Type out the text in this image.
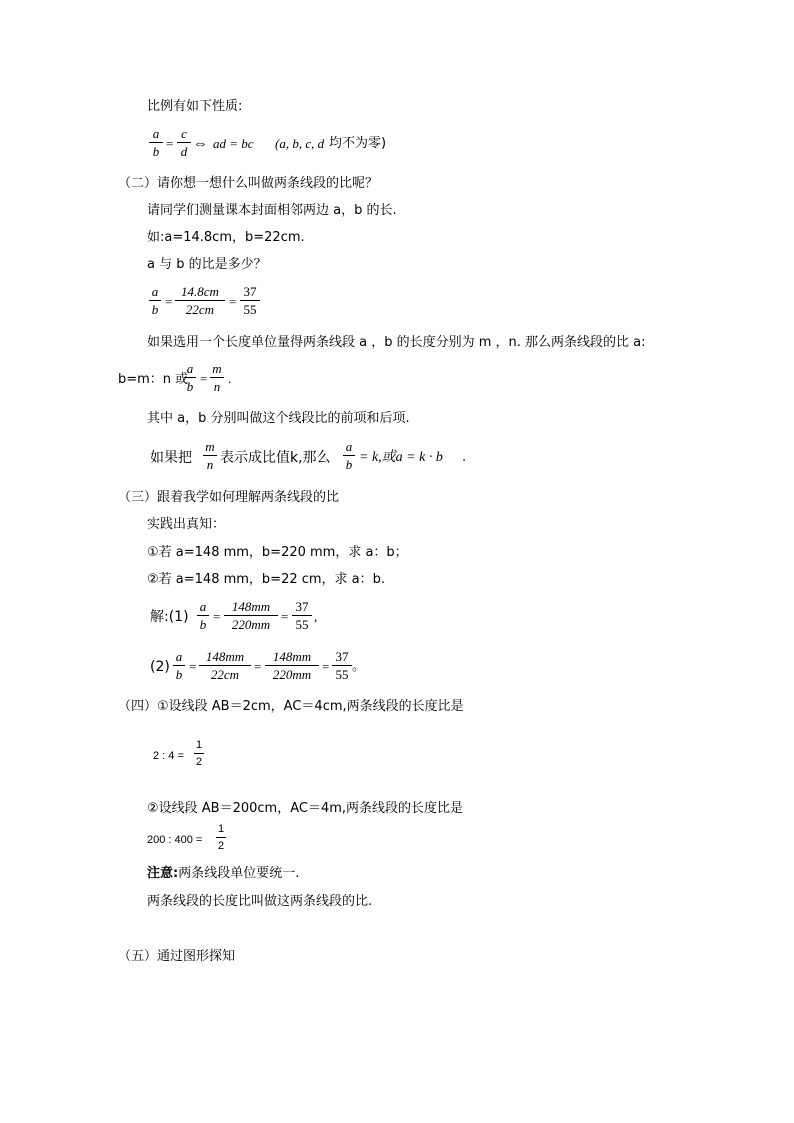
比例有如下性质:
a
b
=
c
d ⇔ ad = bc (a, b, c, d 均不为零)
（二）请你想一想什么叫做两条线段的比呢？
请同学们测量课本封面相邻两边 a，b 的长.
如:a=14.8cm，b=22cm.
a 与 b 的比是多少？
a
b
=
14.8cm
22cm
=
37
55
如果选用一个长度单位量得两条线段 a ，b 的长度分别为 m ，n. 那么两条线段的比 a:
b=m：n 或
a
b
=
m
n
.
其中 a，b 分别叫做这个线段比的前项和后项.
如果把
m
n 表示成比值k,那么
a
b = k,或a = k · b .
（三）跟着我学如何理解两条线段的比
实践出真知：
①若 a=148 mm，b=220 mm，求 a：b；
②若 a=148 mm，b=22 cm，求 a：b.
解:(1)
a
b
=
148mm
220mm
=
37
55
,
(2)
a
b
=
148mm
22cm
=
148mm
220mm
=
37
55
。
（四）①设线段 AB＝2cm，AC＝4cm,两条线段的长度比是
2 : 4 =
1
2
②设线段 AB＝200cm，AC＝4m,两条线段的长度比是
200 : 400 =
1
2
注意:两条线段单位要统一.
两条线段的长度比叫做这两条线段的比.
（五）通过图形探知
